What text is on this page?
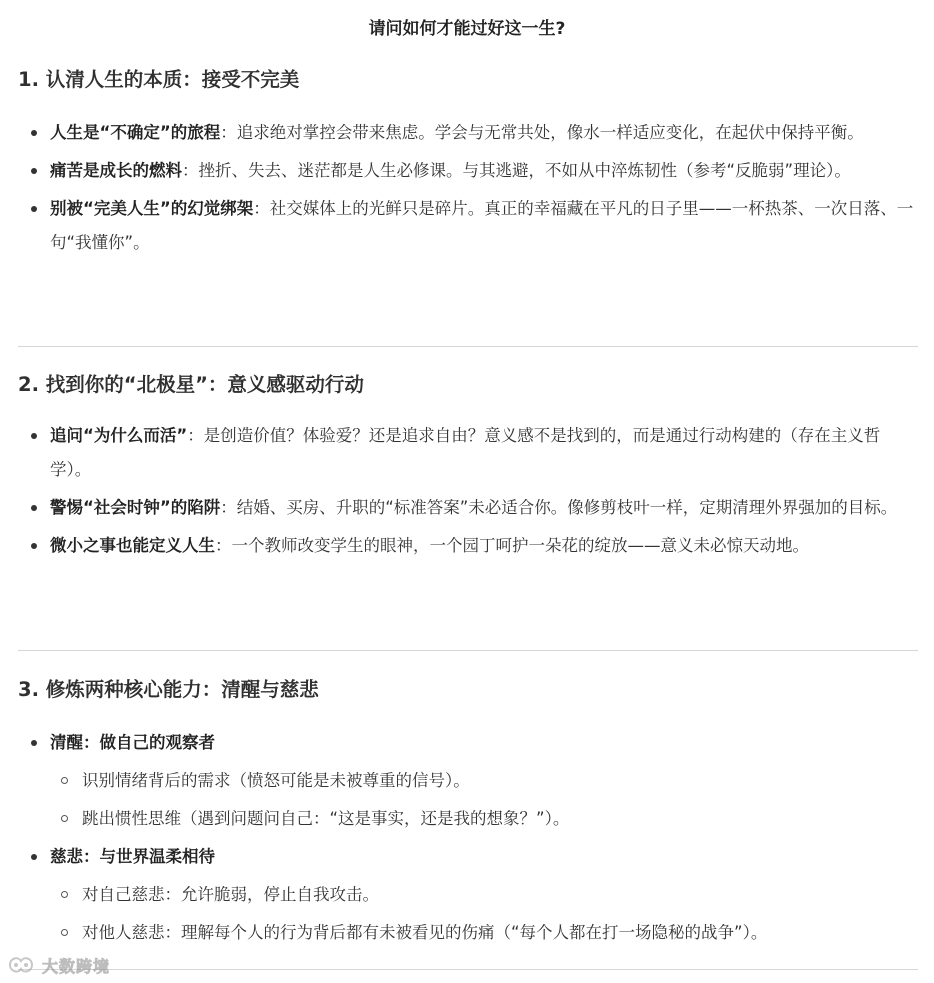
请问如何才能过好这一生?
1. 认清人生的本质：接受不完美
人生是“不确定”的旅程：追求绝对掌控会带来焦虑。学会与无常共处，像水一样适应变化，在起伏中保持平衡。
痛苦是成长的燃料：挫折、失去、迷茫都是人生必修课。与其逃避，不如从中淬炼韧性（参考“反脆弱”理论）。
别被“完美人生”的幻觉绑架：社交媒体上的光鲜只是碎片。真正的幸福藏在平凡的日子里——一杯热茶、一次日落、一句“我懂你”。
2. 找到你的“北极星”：意义感驱动行动
追问“为什么而活”：是创造价值？体验爱？还是追求自由？意义感不是找到的，而是通过行动构建的（存在主义哲学）。
警惕“社会时钟”的陷阱：结婚、买房、升职的“标准答案”未必适合你。像修剪枝叶一样，定期清理外界强加的目标。
微小之事也能定义人生：一个教师改变学生的眼神，一个园丁呵护一朵花的绽放——意义未必惊天动地。
3. 修炼两种核心能力：清醒与慈悲
清醒：做自己的观察者
识别情绪背后的需求（愤怒可能是未被尊重的信号）。
跳出惯性思维（遇到问题问自己：“这是事实，还是我的想象？”）。
慈悲：与世界温柔相待
对自己慈悲：允许脆弱，停止自我攻击。
对他人慈悲：理解每个人的行为背后都有未被看见的伤痛（“每个人都在打一场隐秘的战争”）。
大数跨境
